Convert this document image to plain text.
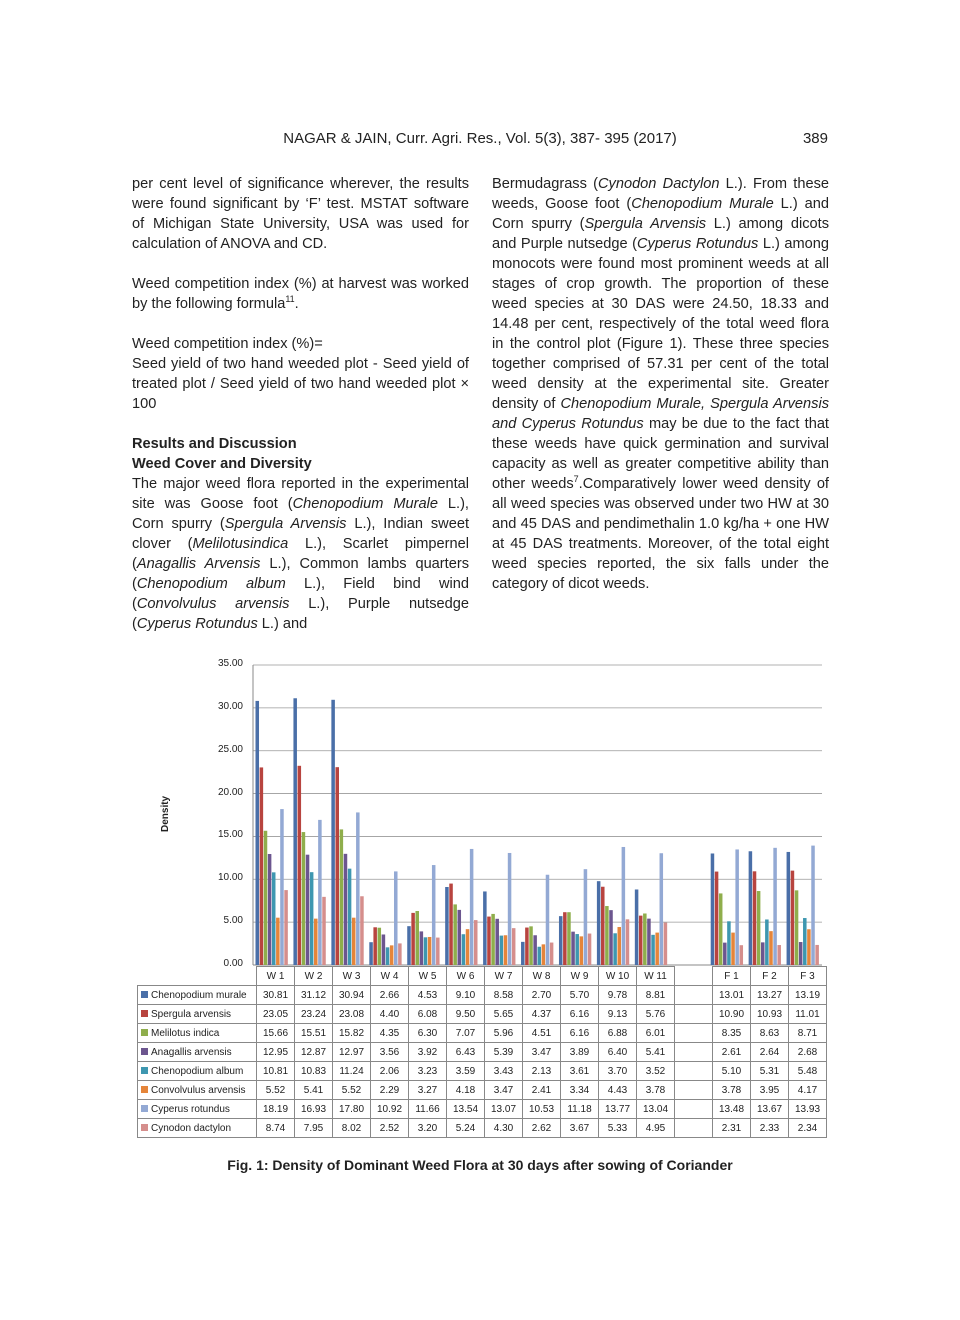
NAGAR & JAIN, Curr. Agri. Res., Vol. 5(3), 387- 395 (2017)	389

per cent level of significance wherever, the results were found significant by ‘F’ test. MSTAT software of Michigan State University, USA was used for calculation of ANOVA and CD.

Weed competition index (%) at harvest was worked by the following formula$^{11}$.

Weed competition index (%)=
Seed yield of two hand weeded plot - Seed yield of treated plot / Seed yield of two hand weeded plot × 100

Results and Discussion
Weed Cover and Diversity

The major weed flora reported in the experimental site was Goose foot (Chenopodium Murale L.), Corn spurry (Spergula Arvensis L.), Indian sweet clover (Melilotusindica L.), Scarlet pimpernel (Anagallis Arvensis L.), Common lambs quarters (Chenopodium album L.), Field bind wind (Convolvulus arvensis L.), Purple nutsedge (Cyperus Rotundus L.) and

Bermudagrass (Cynodon Dactylon L.). From these weeds, Goose foot (Chenopodium Murale L.) and Corn spurry (Spergula Arvensis L.) among dicots and Purple nutsedge (Cyperus Rotundus L.) among monocots were found most prominent weeds at all stages of crop growth. The proportion of these weed species at 30 DAS were 24.50, 18.33 and 14.48 per cent, respectively of the total weed flora in the control plot (Figure 1). These three species together comprised of 57.31 per cent of the total weed density at the experimental site. Greater density of Chenopodium Murale, Spergula Arvensis and Cyperus Rotundus may be due to the fact that these weeds have quick germination and survival capacity as well as greater competitive ability than other weeds$^7$.Comparatively lower weed density of all weed species was observed under two HW at 30 and 45 DAS and pendimethalin 1.0 kg/ha + one HW at 45 DAS treatments. Moreover, of the total eight weed species reported, the six falls under the category of dicot weeds.

Density
0.00
5.00
10.00
15.00
20.00
25.00
30.00
35.00
	W 1	W 2	W 3	W 4	W 5	W 6	W 7	W 8	W 9	W 10	W 11		F 1	F 2	F 3
Chenopodium murale	30.81	31.12	30.94	2.66	4.53	9.10	8.58	2.70	5.70	9.78	8.81		13.01	13.27	13.19
Spergula arvensis	23.05	23.24	23.08	4.40	6.08	9.50	5.65	4.37	6.16	9.13	5.76		10.90	10.93	11.01
Melilotus indica	15.66	15.51	15.82	4.35	6.30	7.07	5.96	4.51	6.16	6.88	6.01		8.35	8.63	8.71
Anagallis arvensis	12.95	12.87	12.97	3.56	3.92	6.43	5.39	3.47	3.89	6.40	5.41		2.61	2.64	2.68
Chenopodium album	10.81	10.83	11.24	2.06	3.23	3.59	3.43	2.13	3.61	3.70	3.52		5.10	5.31	5.48
Convolvulus arvensis	5.52	5.41	5.52	2.29	3.27	4.18	3.47	2.41	3.34	4.43	3.78		3.78	3.95	4.17
Cyperus rotundus	18.19	16.93	17.80	10.92	11.66	13.54	13.07	10.53	11.18	13.77	13.04		13.48	13.67	13.93
Cynodon dactylon	8.74	7.95	8.02	2.52	3.20	5.24	4.30	2.62	3.67	5.33	4.95		2.31	2.33	2.34
Fig. 1: Density of Dominant Weed Flora at 30 days after sowing of Coriander
